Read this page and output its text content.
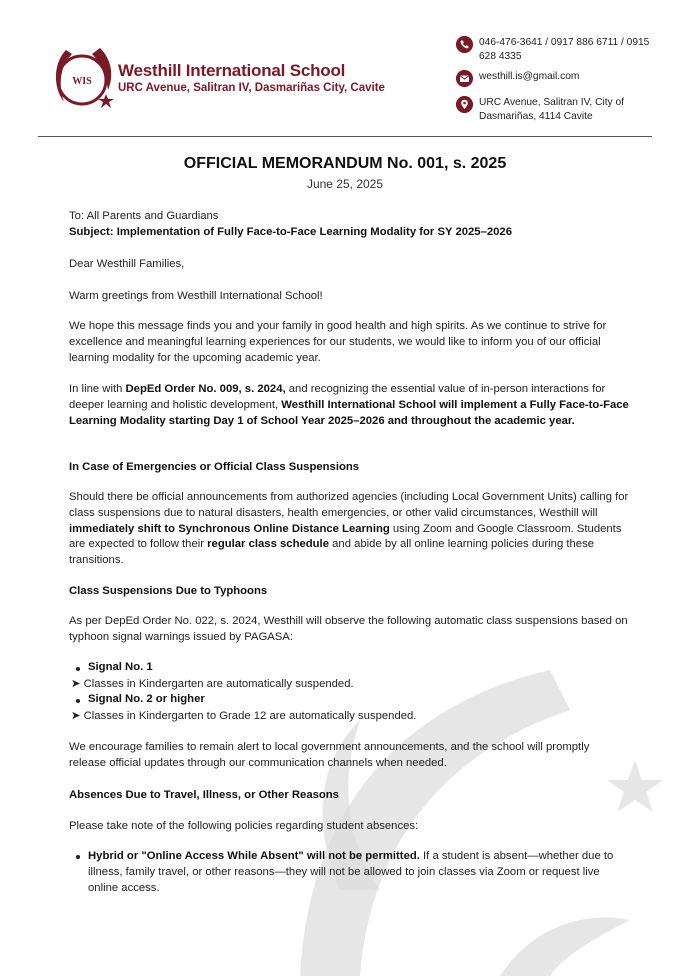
WIS
Westhill International School
URC Avenue, Salitran IV, Dasmariñas City, Cavite
046-476-3641 / 0917 886 6711 / 0915 628 4335
westhill.is@gmail.com
URC Avenue, Salitran IV, City of Dasmariñas, 4114 Cavite
OFFICIAL MEMORANDUM No. 001, s. 2025
June 25, 2025
To: All Parents and Guardians
Subject: Implementation of Fully Face-to-Face Learning Modality for SY 2025–2026
Dear Westhill Families,
Warm greetings from Westhill International School!
We hope this message finds you and your family in good health and high spirits. As we continue to strive for excellence and meaningful learning experiences for our students, we would like to inform you of our official learning modality for the upcoming academic year.
In line with DepEd Order No. 009, s. 2024, and recognizing the essential value of in-person interactions for deeper learning and holistic development, Westhill International School will implement a Fully Face-to-Face Learning Modality starting Day 1 of School Year 2025–2026 and throughout the academic year.
In Case of Emergencies or Official Class Suspensions
Should there be official announcements from authorized agencies (including Local Government Units) calling for class suspensions due to natural disasters, health emergencies, or other valid circumstances, Westhill will immediately shift to Synchronous Online Distance Learning using Zoom and Google Classroom. Students are expected to follow their regular class schedule and abide by all online learning policies during these transitions.
Class Suspensions Due to Typhoons
As per DepEd Order No. 022, s. 2024, Westhill will observe the following automatic class suspensions based on typhoon signal warnings issued by PAGASA:
Signal No. 1
➤ Classes in Kindergarten are automatically suspended.
Signal No. 2 or higher
➤ Classes in Kindergarten to Grade 12 are automatically suspended.
We encourage families to remain alert to local government announcements, and the school will promptly release official updates through our communication channels when needed.
Absences Due to Travel, Illness, or Other Reasons
Please take note of the following policies regarding student absences:
Hybrid or "Online Access While Absent" will not be permitted. If a student is absent—whether due to illness, family travel, or other reasons—they will not be allowed to join classes via Zoom or request live online access.
